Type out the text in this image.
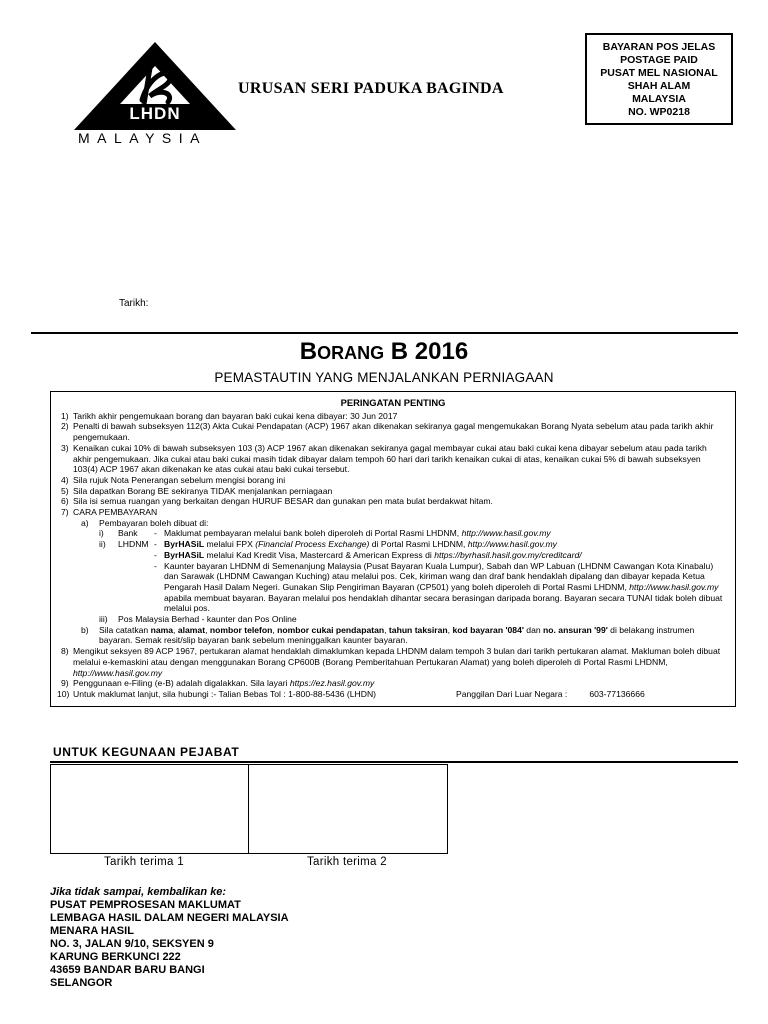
LHDN
MALAYSIA
URUSAN SERI PADUKA BAGINDA
BAYARAN POS JELAS
POSTAGE PAID
PUSAT MEL NASIONAL
SHAH ALAM
MALAYSIA
NO. WP0218
Tarikh:
BORANG B 2016
PEMASTAUTIN YANG MENJALANKAN PERNIAGAAN
PERINGATAN PENTING
1) Tarikh akhir pengemukaan borang dan bayaran baki cukai kena dibayar: 30 Jun 2017
2) Penalti di bawah subseksyen 112(3) Akta Cukai Pendapatan (ACP) 1967 akan dikenakan sekiranya gagal mengemukakan Borang Nyata sebelum atau pada tarikh akhir pengemukaan.
3) Kenaikan cukai 10% di bawah subseksyen 103 (3) ACP 1967 akan dikenakan sekiranya gagal membayar cukai atau baki cukai kena dibayar sebelum atau pada tarikh akhir pengemukaan. Jika cukai atau baki cukai masih tidak dibayar dalam tempoh 60 hari dari tarikh kenaikan cukai di atas, kenaikan cukai 5% di bawah subseksyen 103(4) ACP 1967 akan dikenakan ke atas cukai atau baki cukai tersebut.
4) Sila rujuk Nota Penerangan sebelum mengisi borang ini
5) Sila dapatkan Borang BE sekiranya TIDAK menjalankan perniagaan
6) Sila isi semua ruangan yang berkaitan dengan HURUF BESAR dan gunakan pen mata bulat berdakwat hitam.
7) CARA PEMBAYARAN
a) Pembayaran boleh dibuat di:
i)	Bank	- Maklumat pembayaran melalui bank boleh diperoleh di Portal Rasmi LHDNM, http://www.hasil.gov.my
ii)	LHDNM - ByrHASiL melalui FPX (Financial Process Exchange) di Portal Rasmi LHDNM, http://www.hasil.gov.my
- ByrHASiL melalui Kad Kredit Visa, Mastercard & American Express di https://byrhasil.hasil.gov.my/creditcard/
- Kaunter bayaran LHDNM di Semenanjung Malaysia (Pusat Bayaran Kuala Lumpur), Sabah dan WP Labuan (LHDNM Cawangan Kota Kinabalu) dan Sarawak (LHDNM Cawangan Kuching) atau melalui pos. Cek, kiriman wang dan draf bank hendaklah dipalang dan dibayar kepada Ketua Pengarah Hasil Dalam Negeri. Gunakan Slip Pengiriman Bayaran (CP501) yang boleh diperoleh di Portal Rasmi LHDNM, http://www.hasil.gov.my apabila membuat bayaran. Bayaran melalui pos hendaklah dihantar secara berasingan daripada borang. Bayaran secara TUNAI tidak boleh dibuat melalui pos.
iii)	Pos Malaysia Berhad - kaunter dan Pos Online
b) Sila catatkan nama, alamat, nombor telefon, nombor cukai pendapatan, tahun taksiran, kod bayaran '084' dan no. ansuran '99' di belakang instrumen bayaran. Semak resit/slip bayaran bank sebelum meninggalkan kaunter bayaran.
8) Mengikut seksyen 89 ACP 1967, pertukaran alamat hendaklah dimaklumkan kepada LHDNM dalam tempoh 3 bulan dari tarikh pertukaran alamat. Makluman boleh dibuat melalui e-kemaskini atau dengan menggunakan Borang CP600B (Borang Pemberitahuan Pertukaran Alamat) yang boleh diperoleh di Portal Rasmi LHDNM, http://www.hasil.gov.my
9) Penggunaan e-Filing (e-B) adalah digalakkan. Sila layari https://ez.hasil.gov.my
10) Untuk maklumat lanjut, sila hubungi :- Talian Bebas Tol : 1-800-88-5436 (LHDN)	Panggilan Dari Luar Negara :	603-77136666
UNTUK KEGUNAAN PEJABAT
Tarikh terima 1	Tarikh terima 2
Jika tidak sampai, kembalikan ke:
PUSAT PEMPROSESAN MAKLUMAT
LEMBAGA HASIL DALAM NEGERI MALAYSIA
MENARA HASIL
NO. 3, JALAN 9/10, SEKSYEN 9
KARUNG BERKUNCI 222
43659 BANDAR BARU BANGI
SELANGOR
